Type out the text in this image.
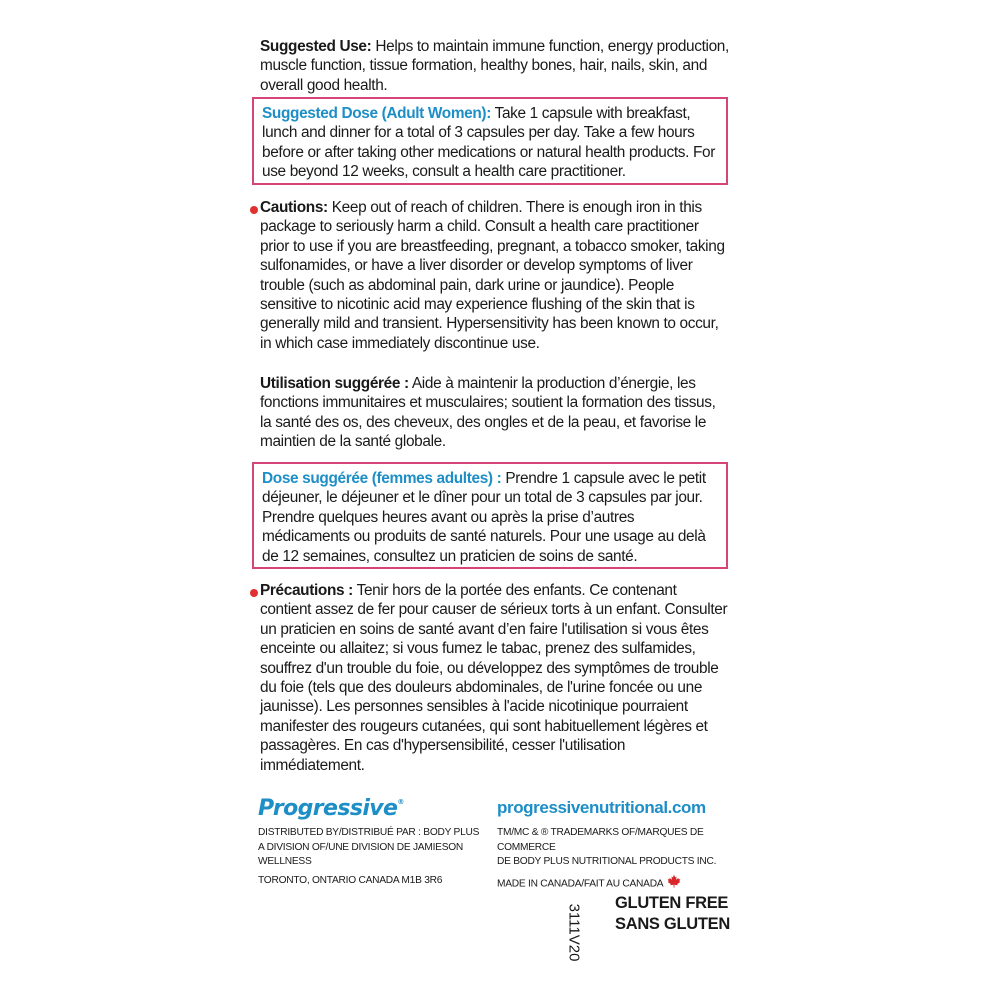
Suggested Use: Helps to maintain immune function, energy production, muscle function, tissue formation, healthy bones, hair, nails, skin, and overall good health.
Suggested Dose (Adult Women): Take 1 capsule with breakfast, lunch and dinner for a total of 3 capsules per day. Take a few hours before or after taking other medications or natural health products. For use beyond 12 weeks, consult a health care practitioner.
Cautions: Keep out of reach of children. There is enough iron in this package to seriously harm a child. Consult a health care practitioner prior to use if you are breastfeeding, pregnant, a tobacco smoker, taking sulfonamides, or have a liver disorder or develop symptoms of liver trouble (such as abdominal pain, dark urine or jaundice). People sensitive to nicotinic acid may experience flushing of the skin that is generally mild and transient. Hypersensitivity has been known to occur, in which case immediately discontinue use.
Utilisation suggérée : Aide à maintenir la production d’énergie, les fonctions immunitaires et musculaires; soutient la formation des tissus, la santé des os, des cheveux, des ongles et de la peau, et favorise le maintien de la santé globale.
Dose suggérée (femmes adultes) : Prendre 1 capsule avec le petit déjeuner, le déjeuner et le dîner pour un total de 3 capsules par jour. Prendre quelques heures avant ou après la prise d’autres médicaments ou produits de santé naturels. Pour une usage au delà de 12 semaines, consultez un praticien de soins de santé.
Précautions : Tenir hors de la portée des enfants. Ce contenant contient assez de fer pour causer de sérieux torts à un enfant. Consulter un praticien en soins de santé avant d’en faire l'utilisation si vous êtes enceinte ou allaitez; si vous fumez le tabac, prenez des sulfamides, souffrez d'un trouble du foie, ou développez des symptômes de trouble du foie (tels que des douleurs abdominales, de l'urine foncée ou une jaunisse). Les personnes sensibles à l'acide nicotinique pourraient manifester des rougeurs cutanées, qui sont habituellement légères et passagères. En cas d'hypersensibilité, cesser l'utilisation immédiatement.
Progressive®
DISTRIBUTED BY/DISTRIBUÉ PAR : BODY PLUS
A DIVISION OF/UNE DIVISION DE JAMIESON WELLNESS
TORONTO, ONTARIO CANADA M1B 3R6
progressivenutritional.com
TM/MC & ® TRADEMARKS OF/MARQUES DE COMMERCE
DE BODY PLUS NUTRITIONAL PRODUCTS INC.
MADE IN CANADA/FAIT AU CANADA
3111V20
GLUTEN FREE
SANS GLUTEN
